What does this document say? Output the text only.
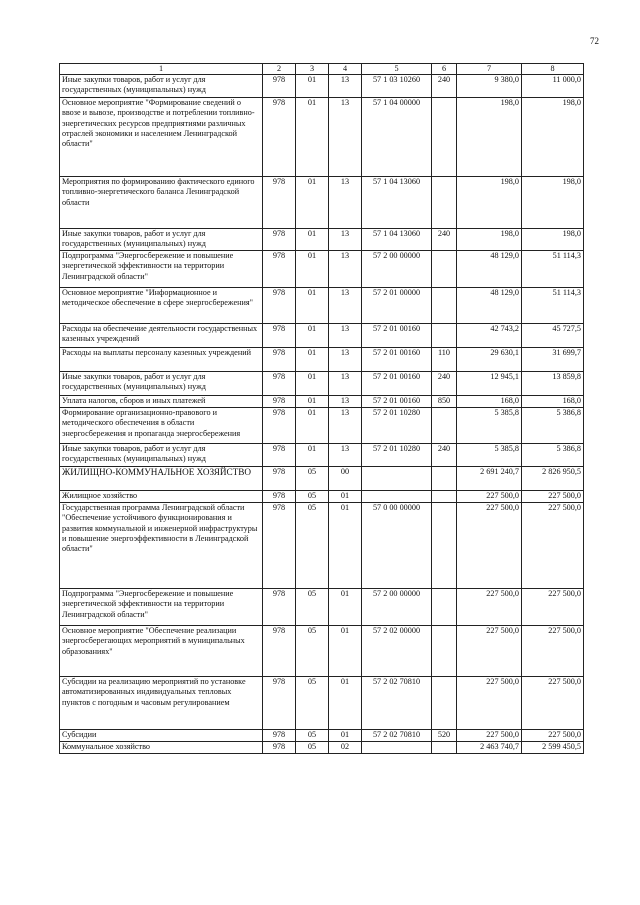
72
1	2	3	4	5	6	7	8
Иные закупки товаров, работ и услуг для государственных (муниципальных) нужд	978	01	13	57 1 03 10260	240	9 380,0	11 000,0
Основное мероприятие "Формирование сведений о ввозе и вывозе, производстве и потреблении топливно-энергетических ресурсов предприятиями различных отраслей экономики и населением Ленинградской области"	978	01	13	57 1 04 00000		198,0	198,0
Мероприятия по формированию фактического единого топливно-энергетического баланса Ленинградской области	978	01	13	57 1 04 13060		198,0	198,0
Иные закупки товаров, работ и услуг для государственных (муниципальных) нужд	978	01	13	57 1 04 13060	240	198,0	198,0
Подпрограмма "Энергосбережение и повышение энергетической эффективности на территории Ленинградской области"	978	01	13	57 2 00 00000		48 129,0	51 114,3
Основное мероприятие "Информационное и методическое обеспечение в сфере энергосбережения"	978	01	13	57 2 01 00000		48 129,0	51 114,3
Расходы на обеспечение деятельности государственных казенных учреждений	978	01	13	57 2 01 00160		42 743,2	45 727,5
Расходы на выплаты персоналу казенных учреждений	978	01	13	57 2 01 00160	110	29 630,1	31 699,7
Иные закупки товаров, работ и услуг для государственных (муниципальных) нужд	978	01	13	57 2 01 00160	240	12 945,1	13 859,8
Уплата налогов, сборов и иных платежей	978	01	13	57 2 01 00160	850	168,0	168,0
Формирование организационно-правового и методического обеспечения в области энергосбережения и пропаганда энергосбережения	978	01	13	57 2 01 10280		5 385,8	5 386,8
Иные закупки товаров, работ и услуг для государственных (муниципальных) нужд	978	01	13	57 2 01 10280	240	5 385,8	5 386,8
ЖИЛИЩНО-КОММУНАЛЬНОЕ ХОЗЯЙСТВО	978	05	00			2 691 240,7	2 826 950,5
Жилищное хозяйство	978	05	01			227 500,0	227 500,0
Государственная программа Ленинградской области "Обеспечение устойчивого функционирования и развития коммунальной и инженерной инфраструктуры и повышение энергоэффективности в Ленинградской области"	978	05	01	57 0 00 00000		227 500,0	227 500,0
Подпрограмма "Энергосбережение и повышение энергетической эффективности на территории Ленинградской области"	978	05	01	57 2 00 00000		227 500,0	227 500,0
Основное мероприятие "Обеспечение реализации энергосберегающих мероприятий в муниципальных образованиях"	978	05	01	57 2 02 00000		227 500,0	227 500,0
Субсидии на реализацию мероприятий по установке автоматизированных индивидуальных тепловых пунктов с погодным и часовым регулированием	978	05	01	57 2 02 70810		227 500,0	227 500,0
Субсидии	978	05	01	57 2 02 70810	520	227 500,0	227 500,0
Коммунальное хозяйство	978	05	02			2 463 740,7	2 599 450,5
